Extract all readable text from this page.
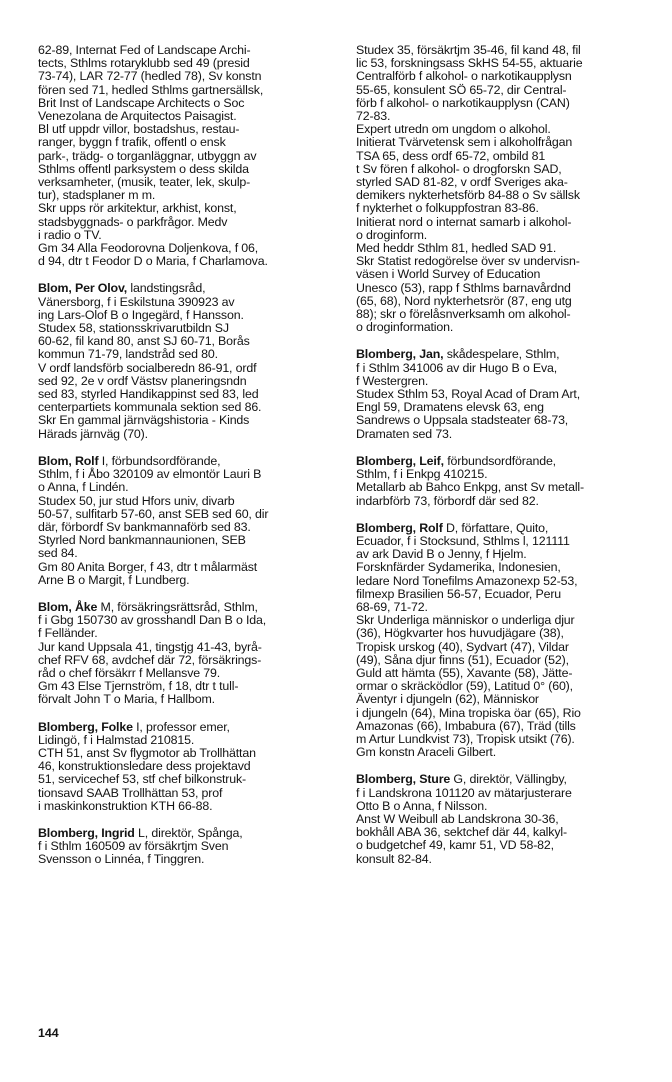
62-89, Internat Fed of Landscape Archi-
tects, Sthlms rotaryklubb sed 49 (presid
73-74), LAR 72-77 (hedled 78), Sv konstn
fören sed 71, hedled Sthlms gartnersällsk,
Brit Inst of Landscape Architects o Soc
Venezolana de Arquitectos Paisagist.
Bl utf uppdr villor, bostadshus, restau-
ranger, byggn f trafik, offentl o ensk
park-, trädg- o torganläggnar, utbyggn av
Sthlms offentl parksystem o dess skilda
verksamheter, (musik, teater, lek, skulp-
tur), stadsplaner m m.
Skr upps rör arkitektur, arkhist, konst,
stadsbyggnads- o parkfrågor. Medv
i radio o TV.
Gm 34 Alla Feodorovna Doljenkova, f 06,
d 94, dtr t Feodor D o Maria, f Charlamova.
Blom, Per Olov, landstingsråd,
Vänersborg, f i Eskilstuna 390923 av
ing Lars-Olof B o Ingegärd, f Hansson.
Studex 58, stationsskrivarutbildn SJ
60-62, fil kand 80, anst SJ 60-71, Borås
kommun 71-79, landstråd sed 80.
V ordf landsförb socialberedn 86-91, ordf
sed 92, 2e v ordf Västsv planeringsndn
sed 83, styrled Handikappinst sed 83, led
centerpartiets kommunala sektion sed 86.
Skr En gammal järnvägshistoria - Kinds
Härads järnväg (70).
Blom, Rolf I, förbundsordförande,
Sthlm, f i Åbo 320109 av elmontör Lauri B
o Anna, f Lindén.
Studex 50, jur stud Hfors univ, divarb
50-57, sulfitarb 57-60, anst SEB sed 60, dir
där, förbordf Sv bankmannaförb sed 83.
Styrled Nord bankmannaunionen, SEB
sed 84.
Gm 80 Anita Borger, f 43, dtr t målarmäst
Arne B o Margit, f Lundberg.
Blom, Åke M, försäkringsrättsråd, Sthlm,
f i Gbg 150730 av grosshandl Dan B o Ida,
f Felländer.
Jur kand Uppsala 41, tingstjg 41-43, byrå-
chef RFV 68, avdchef där 72, försäkrings-
råd o chef försäkrr f Mellansve 79.
Gm 43 Else Tjernström, f 18, dtr t tull-
förvalt John T o Maria, f Hallbom.
Blomberg, Folke I, professor emer,
Lidingö, f i Halmstad 210815.
CTH 51, anst Sv flygmotor ab Trollhättan
46, konstruktionsledare dess projektavd
51, servicechef 53, stf chef bilkonstruk-
tionsavd SAAB Trollhättan 53, prof
i maskinkonstruktion KTH 66-88.
Blomberg, Ingrid L, direktör, Spånga,
f i Sthlm 160509 av försäkrtjm Sven
Svensson o Linnéa, f Tinggren.
Studex 35, försäkrtjm 35-46, fil kand 48, fil
lic 53, forskningsass SkHS 54-55, aktuarie
Centralförb f alkohol- o narkotikaupplysn
55-65, konsulent SÖ 65-72, dir Central-
förb f alkohol- o narkotikaupplysn (CAN)
72-83.
Expert utredn om ungdom o alkohol.
Initierat Tvärvetensk sem i alkoholfrågan
TSA 65, dess ordf 65-72, ombild 81
t Sv fören f alkohol- o drogforskn SAD,
styrled SAD 81-82, v ordf Sveriges aka-
demikers nykterhetsförb 84-88 o Sv sällsk
f nykterhet o folkuppfostran 83-86.
Initierat nord o internat samarb i alkohol-
o droginform.
Med heddr Sthlm 81, hedled SAD 91.
Skr Statist redogörelse över sv undervisn-
väsen i World Survey of Education
Unesco (53), rapp f Sthlms barnavårdnd
(65, 68), Nord nykterhetsrör (87, eng utg
88); skr o förelåsnverksamh om alkohol-
o droginformation.
Blomberg, Jan, skådespelare, Sthlm,
f i Sthlm 341006 av dir Hugo B o Eva,
f Westergren.
Studex Sthlm 53, Royal Acad of Dram Art,
Engl 59, Dramatens elevsk 63, eng
Sandrews o Uppsala stadsteater 68-73,
Dramaten sed 73.
Blomberg, Leif, förbundsordförande,
Sthlm, f i Enkpg 410215.
Metallarb ab Bahco Enkpg, anst Sv metall-
indarbförb 73, förbordf där sed 82.
Blomberg, Rolf D, författare, Quito,
Ecuador, f i Stocksund, Sthlms l, 121111
av ark David B o Jenny, f Hjelm.
Forsknfärder Sydamerika, Indonesien,
ledare Nord Tonefilms Amazonexp 52-53,
filmexp Brasilien 56-57, Ecuador, Peru
68-69, 71-72.
Skr Underliga människor o underliga djur
(36), Högkvarter hos huvudjägare (38),
Tropisk urskog (40), Sydvart (47), Vildar
(49), Såna djur finns (51), Ecuador (52),
Guld att hämta (55), Xavante (58), Jätte-
ormar o skräcködlor (59), Latitud 0° (60),
Äventyr i djungeln (62), Människor
i djungeln (64), Mina tropiska öar (65), Rio
Amazonas (66), Imbabura (67), Träd (tills
m Artur Lundkvist 73), Tropisk utsikt (76).
Gm konstn Araceli Gilbert.
Blomberg, Sture G, direktör, Vällingby,
f i Landskrona 101120 av mätarjusterare
Otto B o Anna, f Nilsson.
Anst W Weibull ab Landskrona 30-36,
bokhåll ABA 36, sektchef där 44, kalkyl-
o budgetchef 49, kamr 51, VD 58-82,
konsult 82-84.
144
